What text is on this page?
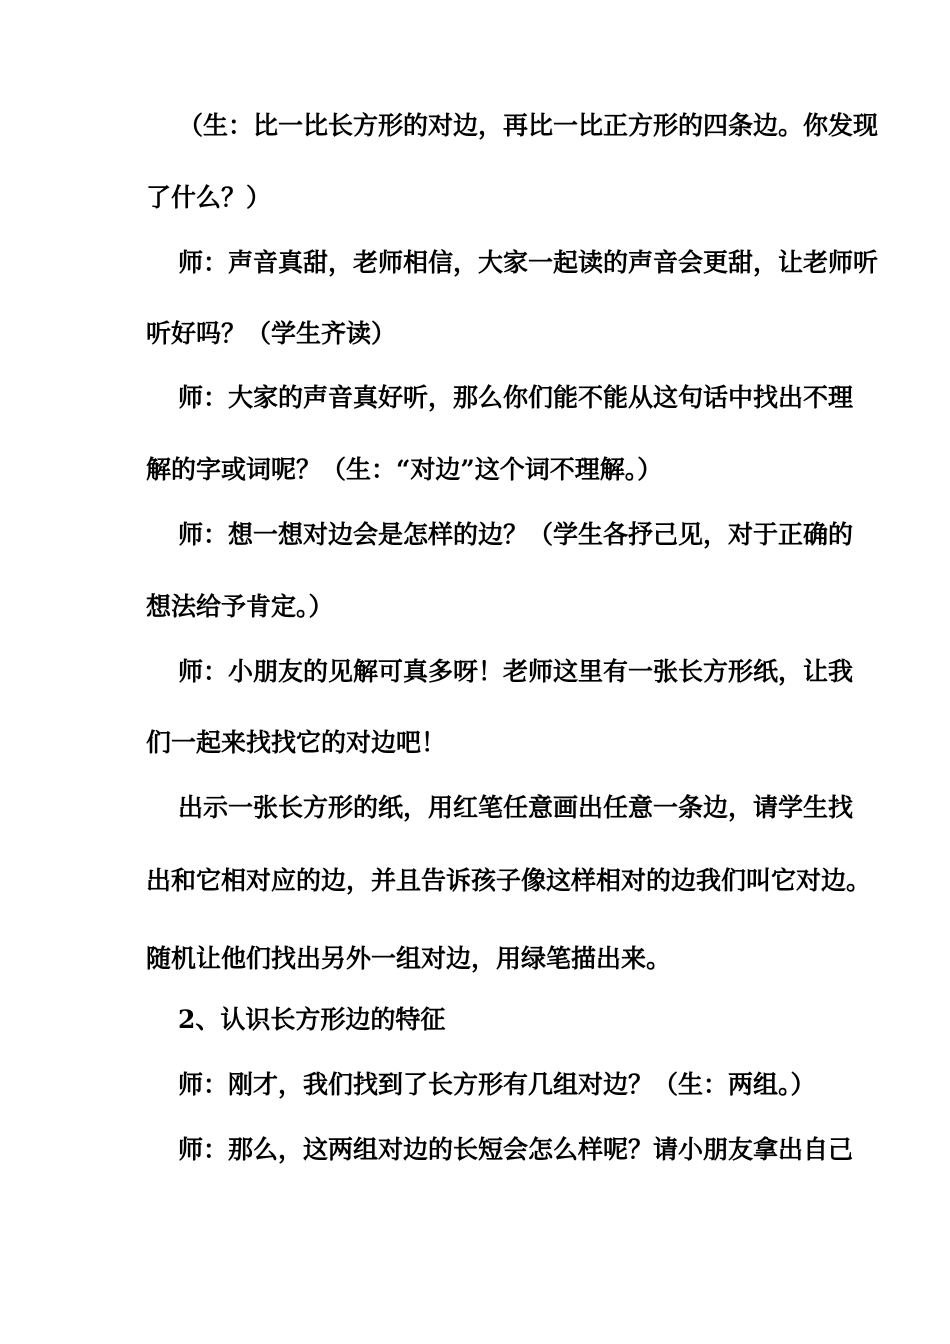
（生：比一比长方形的对边，再比一比正方形的四条边。你发现
了什么？）
师：声音真甜，老师相信，大家一起读的声音会更甜，让老师听
听好吗？（学生齐读）
师：大家的声音真好听，那么你们能不能从这句话中找出不理
解的字或词呢？（生：“对边”这个词不理解。）
师：想一想对边会是怎样的边？（学生各抒己见，对于正确的
想法给予肯定。）
师：小朋友的见解可真多呀！老师这里有一张长方形纸，让我
们一起来找找它的对边吧！
出示一张长方形的纸，用红笔任意画出任意一条边，请学生找
出和它相对应的边，并且告诉孩子像这样相对的边我们叫它对边。
随机让他们找出另外一组对边，用绿笔描出来。
2、认识长方形边的特征
师：刚才，我们找到了长方形有几组对边？（生：两组。）
师：那么，这两组对边的长短会怎么样呢？请小朋友拿出自己
